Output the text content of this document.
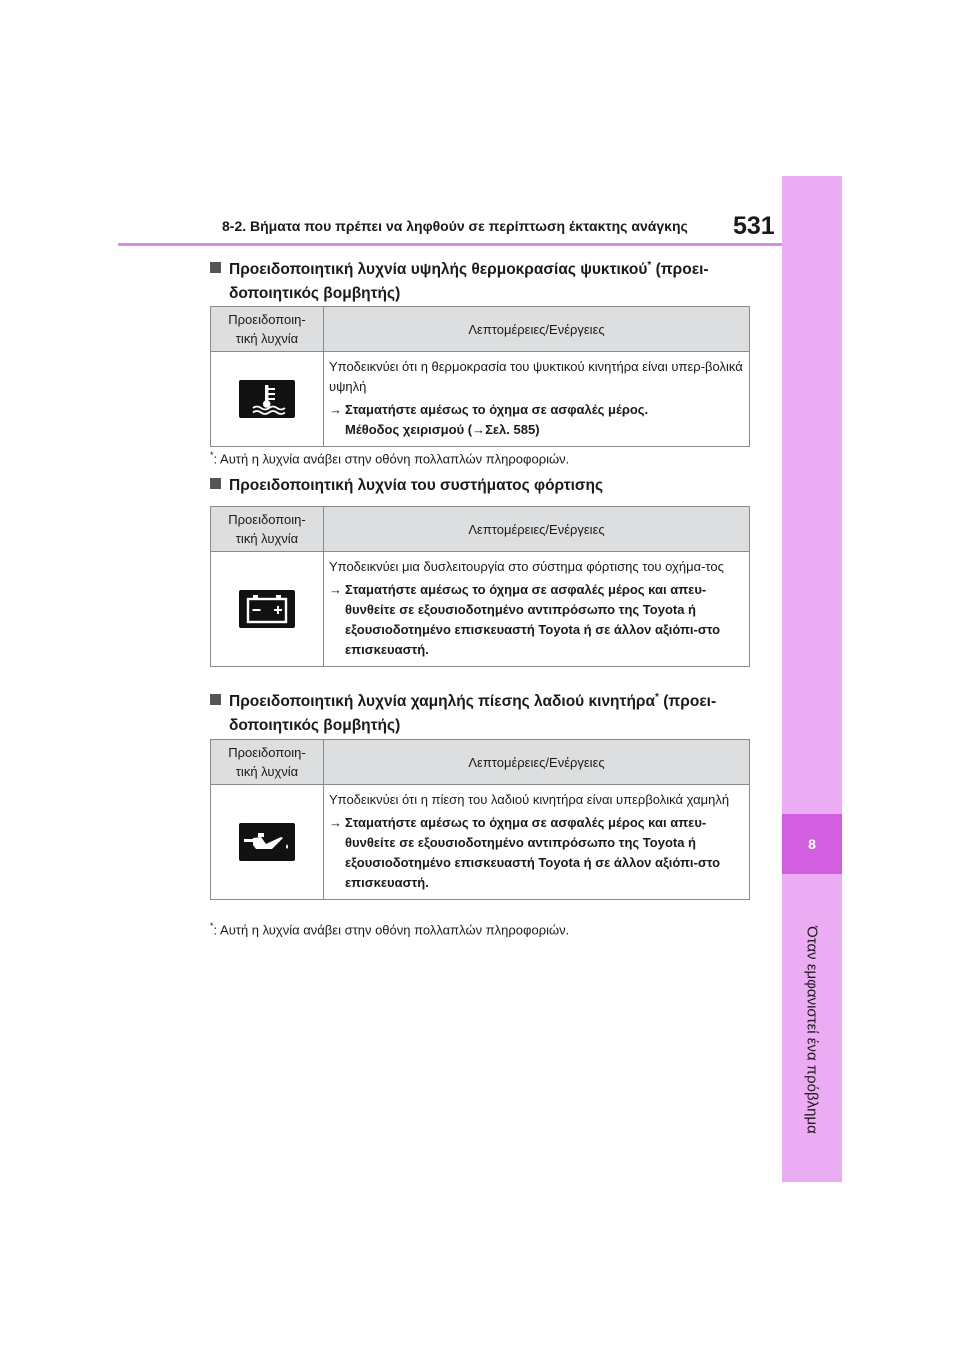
8
Όταν εμφανιστεί ένα πρόβλημα
8-2. Βήματα που πρέπει να ληφθούν σε περίπτωση έκτακτης ανάγκης 531
Προειδοποιητική λυχνία υψηλής θερμοκρασίας ψυκτικού* (προει-
δοποιητικός βομβητής)
Προειδοποιη-
τική λυχνία	Λεπτομέρειες/Ενέργειες

Υποδεικνύει ότι η θερμοκρασία του ψυκτικού κινητήρα είναι υπερ-βολικά υψηλή
→ Σταματήστε αμέσως το όχημα σε ασφαλές μέρος.
Μέθοδος χειρισμού (→Σελ. 585)
*: Αυτή η λυχνία ανάβει στην οθόνη πολλαπλών πληροφοριών.
Προειδοποιητική λυχνία του συστήματος φόρτισης
Προειδοποιη-
τική λυχνία	Λεπτομέρειες/Ενέργειες

Υποδεικνύει μια δυσλειτουργία στο σύστημα φόρτισης του οχήμα-τος
→ Σταματήστε αμέσως το όχημα σε ασφαλές μέρος και απευ-θυνθείτε σε εξουσιοδοτημένο αντιπρόσωπο της Toyota ή εξουσιοδοτημένο επισκευαστή Toyota ή σε άλλον αξιόπι-στο επισκευαστή.
Προειδοποιητική λυχνία χαμηλής πίεσης λαδιού κινητήρα* (προει-
δοποιητικός βομβητής)
Προειδοποιη-
τική λυχνία	Λεπτομέρειες/Ενέργειες

Υποδεικνύει ότι η πίεση του λαδιού κινητήρα είναι υπερβολικά χαμηλή
→ Σταματήστε αμέσως το όχημα σε ασφαλές μέρος και απευ-θυνθείτε σε εξουσιοδοτημένο αντιπρόσωπο της Toyota ή εξουσιοδοτημένο επισκευαστή Toyota ή σε άλλον αξιόπι-στο επισκευαστή.
*: Αυτή η λυχνία ανάβει στην οθόνη πολλαπλών πληροφοριών.
